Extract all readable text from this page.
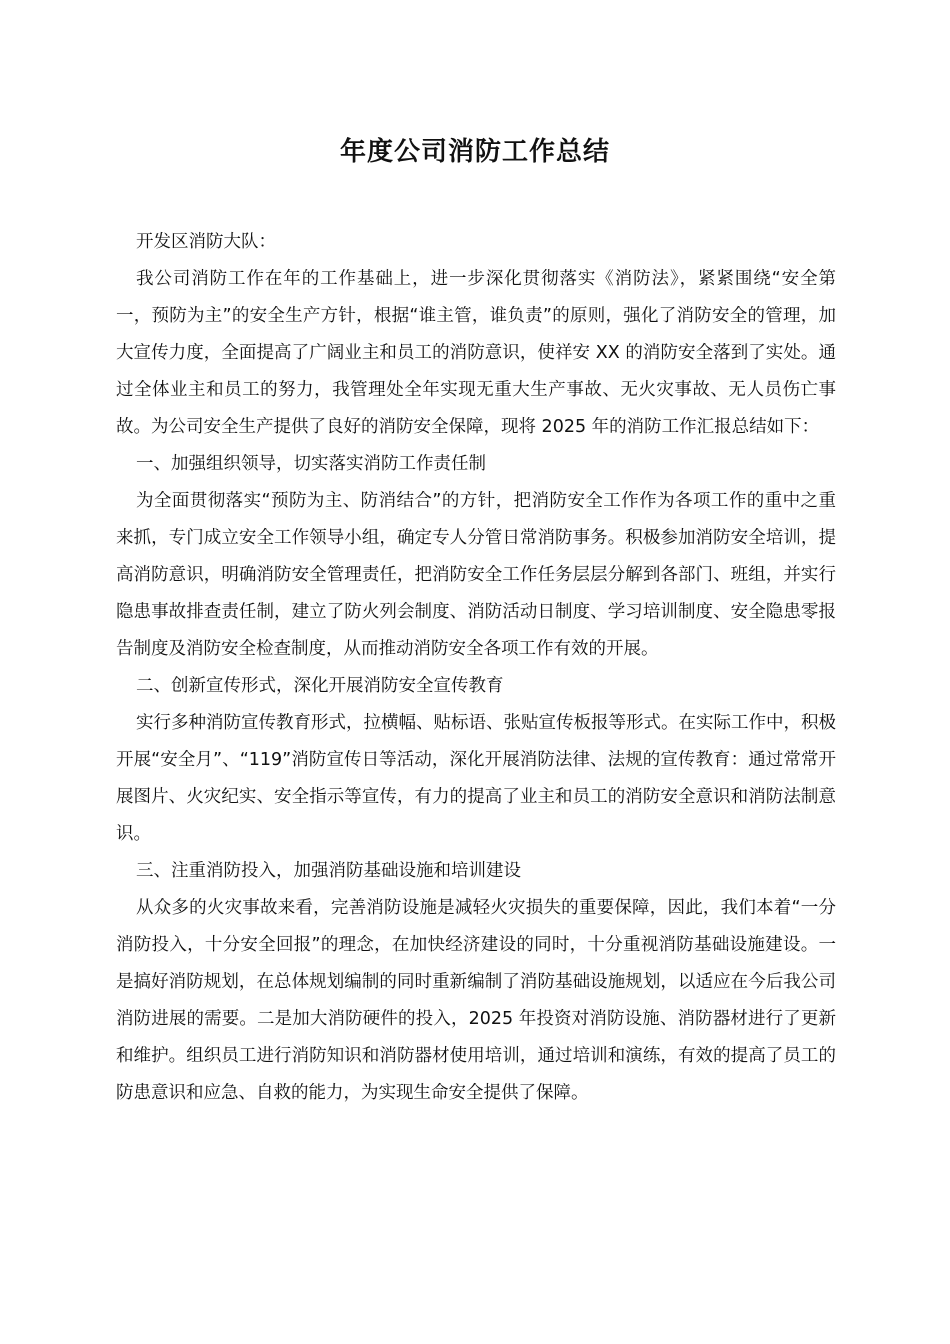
年度公司消防工作总结

开发区消防大队：

我公司消防工作在年的工作基础上，进一步深化贯彻落实《消防法》，紧紧围绕“安全第一，预防为主”的安全生产方针，根据“谁主管，谁负责”的原则，强化了消防安全的管理，加大宣传力度，全面提高了广阔业主和员工的消防意识，使祥安 XX 的消防安全落到了实处。通过全体业主和员工的努力，我管理处全年实现无重大生产事故、无火灾事故、无人员伤亡事故。为公司安全生产提供了良好的消防安全保障，现将 2025 年的消防工作汇报总结如下：

一、加强组织领导，切实落实消防工作责任制

为全面贯彻落实“预防为主、防消结合”的方针，把消防安全工作作为各项工作的重中之重来抓，专门成立安全工作领导小组，确定专人分管日常消防事务。积极参加消防安全培训，提高消防意识，明确消防安全管理责任，把消防安全工作任务层层分解到各部门、班组，并实行隐患事故排查责任制，建立了防火列会制度、消防活动日制度、学习培训制度、安全隐患零报告制度及消防安全检查制度，从而推动消防安全各项工作有效的开展。

二、创新宣传形式，深化开展消防安全宣传教育

实行多种消防宣传教育形式，拉横幅、贴标语、张贴宣传板报等形式。在实际工作中，积极开展“安全月”、“119”消防宣传日等活动，深化开展消防法律、法规的宣传教育：通过常常开展图片、火灾纪实、安全指示等宣传，有力的提高了业主和员工的消防安全意识和消防法制意识。

三、注重消防投入，加强消防基础设施和培训建设

从众多的火灾事故来看，完善消防设施是减轻火灾损失的重要保障，因此，我们本着“一分消防投入，十分安全回报”的理念，在加快经济建设的同时，十分重视消防基础设施建设。一是搞好消防规划，在总体规划编制的同时重新编制了消防基础设施规划，以适应在今后我公司消防进展的需要。二是加大消防硬件的投入，2025 年投资对消防设施、消防器材进行了更新和维护。组织员工进行消防知识和消防器材使用培训，通过培训和演练，有效的提高了员工的防患意识和应急、自救的能力，为实现生命安全提供了保障。
